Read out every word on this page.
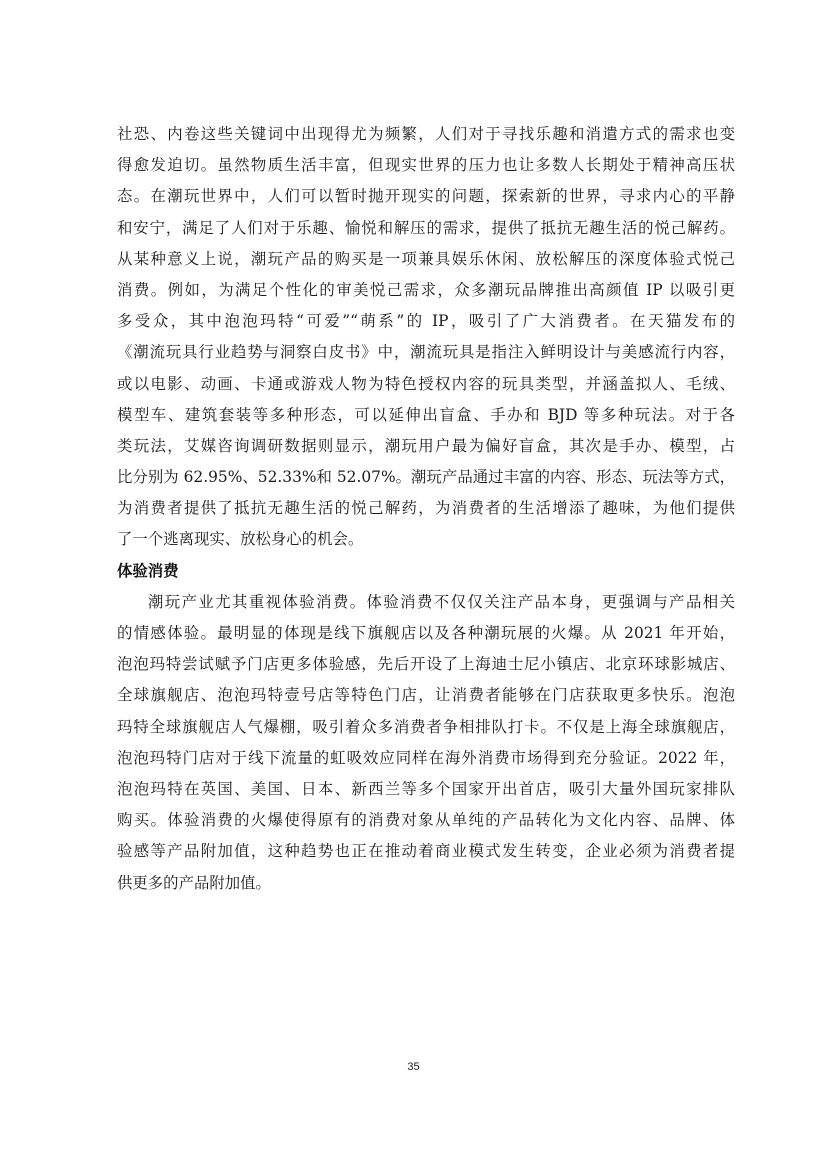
社恐、内卷这些关键词中出现得尤为频繁，人们对于寻找乐趣和消遣方式的需求也变
得愈发迫切。虽然物质生活丰富，但现实世界的压力也让多数人长期处于精神高压状
态。在潮玩世界中，人们可以暂时抛开现实的问题，探索新的世界，寻求内心的平静
和安宁，满足了人们对于乐趣、愉悦和解压的需求，提供了抵抗无趣生活的悦己解药。
从某种意义上说，潮玩产品的购买是一项兼具娱乐休闲、放松解压的深度体验式悦己
消费。例如，为满足个性化的审美悦己需求，众多潮玩品牌推出高颜值 IP 以吸引更
多受众，其中泡泡玛特“可爱”“萌系”的 IP，吸引了广大消费者。在天猫发布的
《潮流玩具行业趋势与洞察白皮书》中，潮流玩具是指注入鲜明设计与美感流行内容，
或以电影、动画、卡通或游戏人物为特色授权内容的玩具类型，并涵盖拟人、毛绒、
模型车、建筑套装等多种形态，可以延伸出盲盒、手办和 BJD 等多种玩法。对于各
类玩法，艾媒咨询调研数据则显示，潮玩用户最为偏好盲盒，其次是手办、模型，占
比分别为 62.95%、52.33%和 52.07%。潮玩产品通过丰富的内容、形态、玩法等方式，
为消费者提供了抵抗无趣生活的悦己解药，为消费者的生活增添了趣味，为他们提供
了一个逃离现实、放松身心的机会。
体验消费
潮玩产业尤其重视体验消费。体验消费不仅仅关注产品本身，更强调与产品相关
的情感体验。最明显的体现是线下旗舰店以及各种潮玩展的火爆。从 2021 年开始，
泡泡玛特尝试赋予门店更多体验感，先后开设了上海迪士尼小镇店、北京环球影城店、
全球旗舰店、泡泡玛特壹号店等特色门店，让消费者能够在门店获取更多快乐。泡泡
玛特全球旗舰店人气爆棚，吸引着众多消费者争相排队打卡。不仅是上海全球旗舰店，
泡泡玛特门店对于线下流量的虹吸效应同样在海外消费市场得到充分验证。2022 年，
泡泡玛特在英国、美国、日本、新西兰等多个国家开出首店，吸引大量外国玩家排队
购买。体验消费的火爆使得原有的消费对象从单纯的产品转化为文化内容、品牌、体
验感等产品附加值，这种趋势也正在推动着商业模式发生转变，企业必须为消费者提
供更多的产品附加值。
35
